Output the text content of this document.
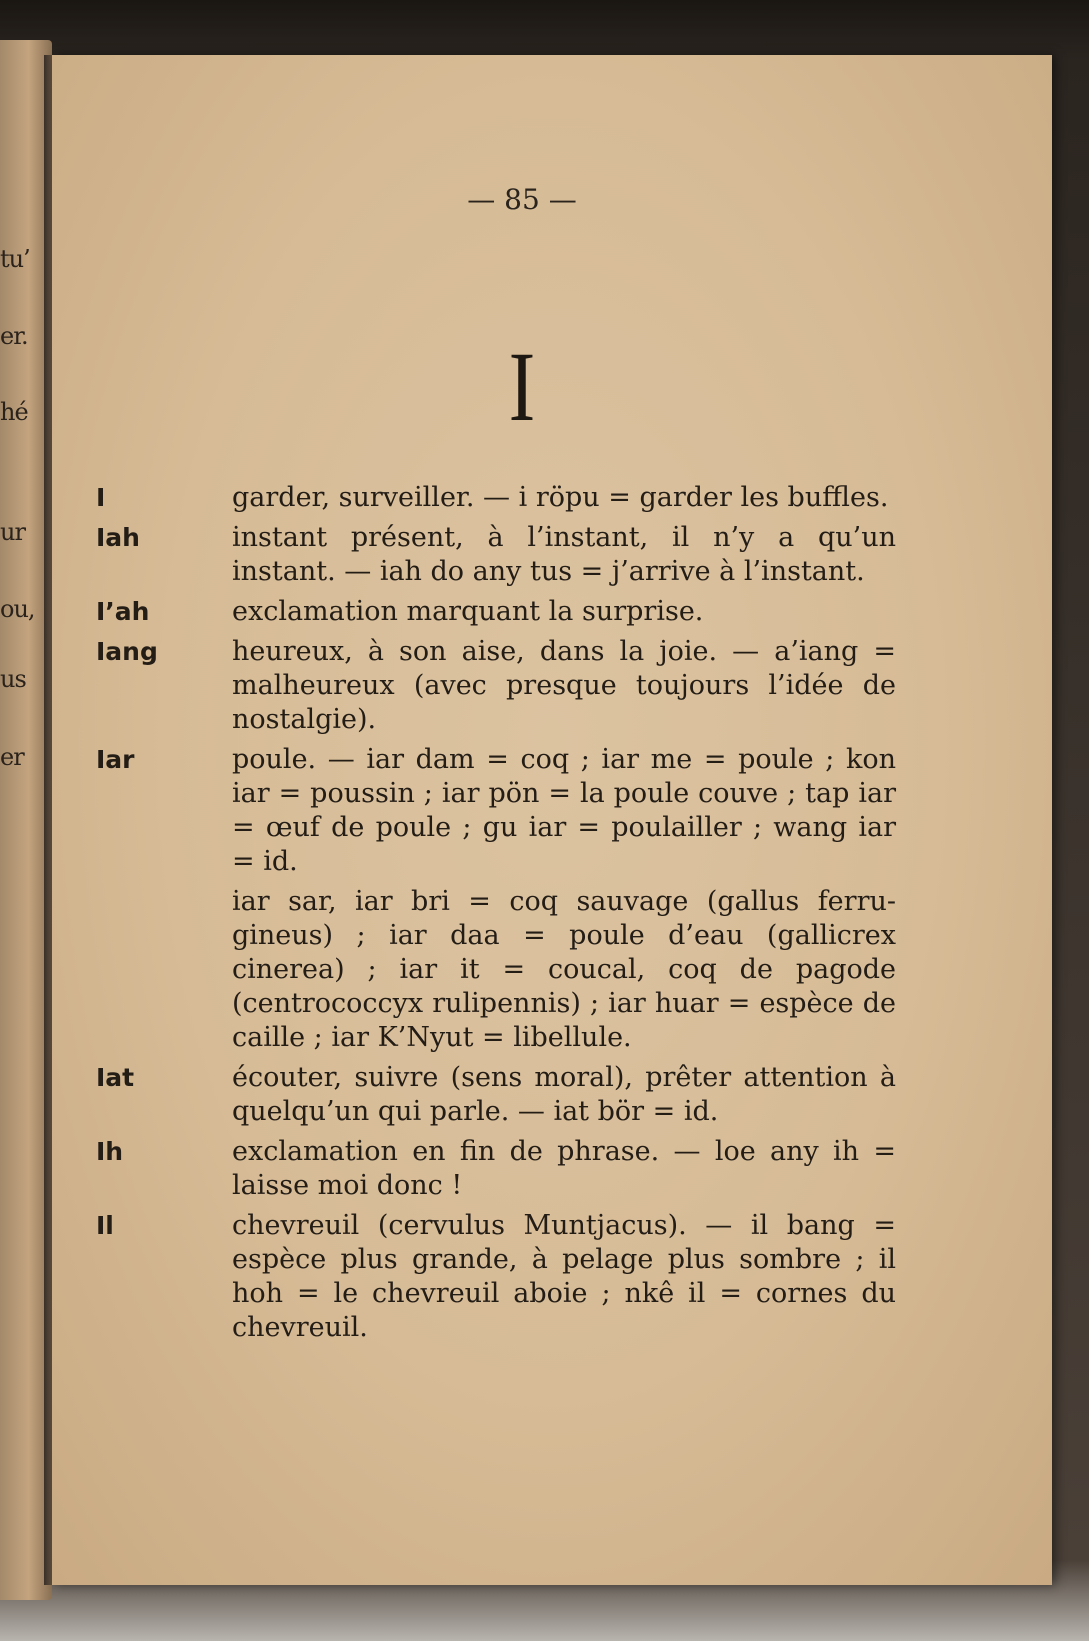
tu’
er.
hé
ur
ou,
us
er
— 85 —
I
I	garder, surveiller. — i röpu = garder les buffles.

Iah	instant présent, à l’instant, il n’y a qu’un instant. — iah do any tus = j’arrive à l’instant.

I’ah	exclamation marquant la surprise.

Iang	heureux, à son aise, dans la joie. — a’iang = malheureux (avec presque toujours l’idée de nostalgie).

Iar	poule. — iar dam = coq ; iar me = poule ; kon iar = poussin ; iar pön = la poule couve ; tap iar = œuf de poule ; gu iar = poulailler ; wang iar = id.

iar sar, iar bri = coq sauvage (gallus ferru-gineus) ; iar daa = poule d’eau (gallicrex cinerea) ; iar it = coucal, coq de pagode (centrococcyx rulipennis) ; iar huar = espèce de caille ; iar K’Nyut = libellule.

Iat	écouter, suivre (sens moral), prêter attention à quelqu’un qui parle. — iat bör = id.

Ih	exclamation en fin de phrase. — loe any ih = laisse moi donc !

Il	chevreuil (cervulus Muntjacus). — il bang = espèce plus grande, à pelage plus sombre ; il hoh = le chevreuil aboie ; nkê il = cornes du chevreuil.
